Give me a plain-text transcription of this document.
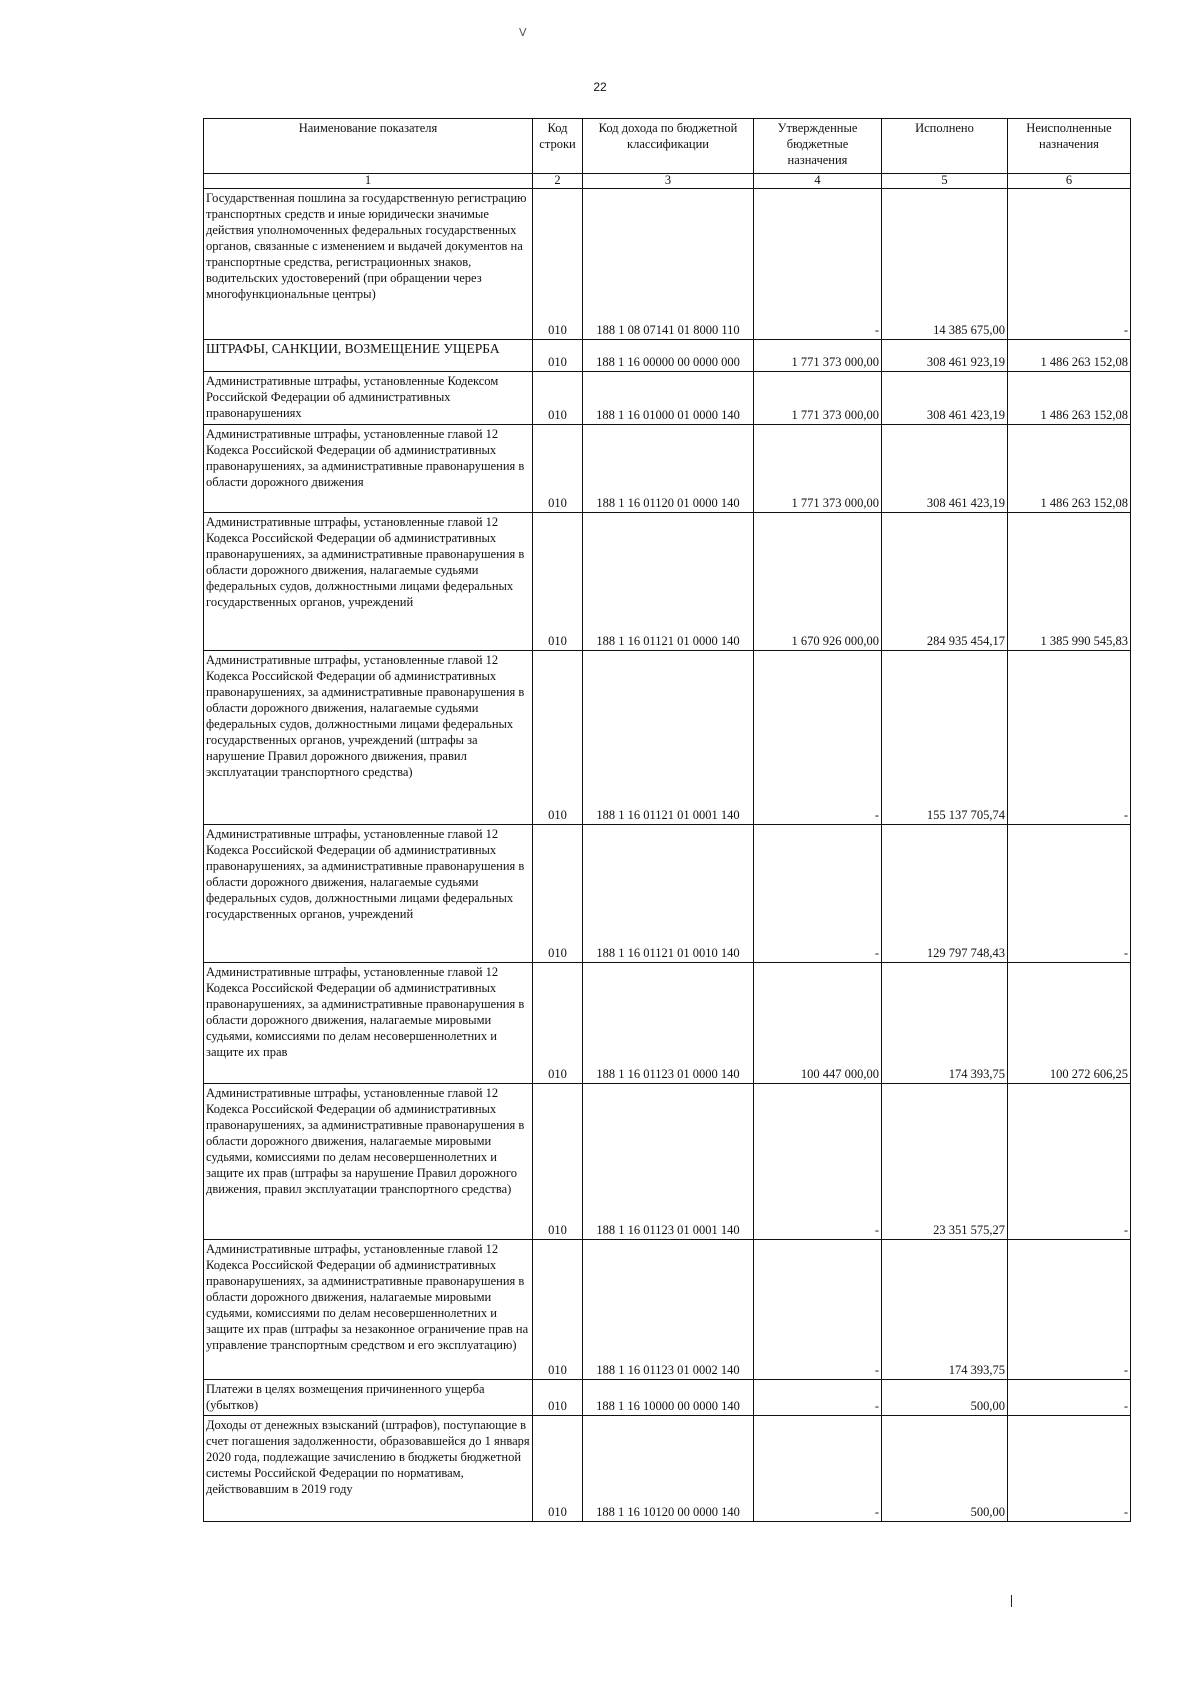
ⴸ
22
Наименование показателя	Код строки	Код дохода по бюджетной классификации	Утвержденные бюджетные назначения	Исполнено	Неисполненные назначения
1	2	3	4	5	6
Государственная пошлина за государственную регистрацию транспортных средств и иные юридически значимые действия уполномоченных федеральных государственных органов, связанные с изменением и выдачей документов на транспортные средства, регистрационных знаков, водительских удостоверений (при обращении через многофункциональные центры)	010	188 1 08 07141 01 8000 110	-	14 385 675,00	-
ШТРАФЫ, САНКЦИИ, ВОЗМЕЩЕНИЕ УЩЕРБА	010	188 1 16 00000 00 0000 000	1 771 373 000,00	308 461 923,19	1 486 263 152,08
Административные штрафы, установленные Кодексом Российской Федерации об административных правонарушениях	010	188 1 16 01000 01 0000 140	1 771 373 000,00	308 461 423,19	1 486 263 152,08
Административные штрафы, установленные главой 12 Кодекса Российской Федерации об административных правонарушениях, за административные правонарушения в области дорожного движения	010	188 1 16 01120 01 0000 140	1 771 373 000,00	308 461 423,19	1 486 263 152,08
Административные штрафы, установленные главой 12 Кодекса Российской Федерации об административных правонарушениях, за административные правонарушения в области дорожного движения, налагаемые судьями федеральных судов, должностными лицами федеральных государственных органов, учреждений	010	188 1 16 01121 01 0000 140	1 670 926 000,00	284 935 454,17	1 385 990 545,83
Административные штрафы, установленные главой 12 Кодекса Российской Федерации об административных правонарушениях, за административные правонарушения в области дорожного движения, налагаемые судьями федеральных судов, должностными лицами федеральных государственных органов, учреждений (штрафы за нарушение Правил дорожного движения, правил эксплуатации транспортного средства)	010	188 1 16 01121 01 0001 140	-	155 137 705,74	-
Административные штрафы, установленные главой 12 Кодекса Российской Федерации об административных правонарушениях, за административные правонарушения в области дорожного движения, налагаемые судьями федеральных судов, должностными лицами федеральных государственных органов, учреждений	010	188 1 16 01121 01 0010 140	-	129 797 748,43	-
Административные штрафы, установленные главой 12 Кодекса Российской Федерации об административных правонарушениях, за административные правонарушения в области дорожного движения, налагаемые мировыми судьями, комиссиями по делам несовершеннолетних и защите их прав	010	188 1 16 01123 01 0000 140	100 447 000,00	174 393,75	100 272 606,25
Административные штрафы, установленные главой 12 Кодекса Российской Федерации об административных правонарушениях, за административные правонарушения в области дорожного движения, налагаемые мировыми судьями, комиссиями по делам несовершеннолетних и защите их прав (штрафы за нарушение Правил дорожного движения, правил эксплуатации транспортного средства)	010	188 1 16 01123 01 0001 140	-	23 351 575,27	-
Административные штрафы, установленные главой 12 Кодекса Российской Федерации об административных правонарушениях, за административные правонарушения в области дорожного движения, налагаемые мировыми судьями, комиссиями по делам несовершеннолетних и защите их прав (штрафы за незаконное ограничение прав на управление транспортным средством и его эксплуатацию)	010	188 1 16 01123 01 0002 140	-	174 393,75	-
Платежи в целях возмещения причиненного ущерба (убытков)	010	188 1 16 10000 00 0000 140	-	500,00	-
Доходы от денежных взысканий (штрафов), поступающие в счет погашения задолженности, образовавшейся до 1 января 2020 года, подлежащие зачислению в бюджеты бюджетной системы Российской Федерации по нормативам, действовавшим в 2019 году	010	188 1 16 10120 00 0000 140	-	500,00	-
